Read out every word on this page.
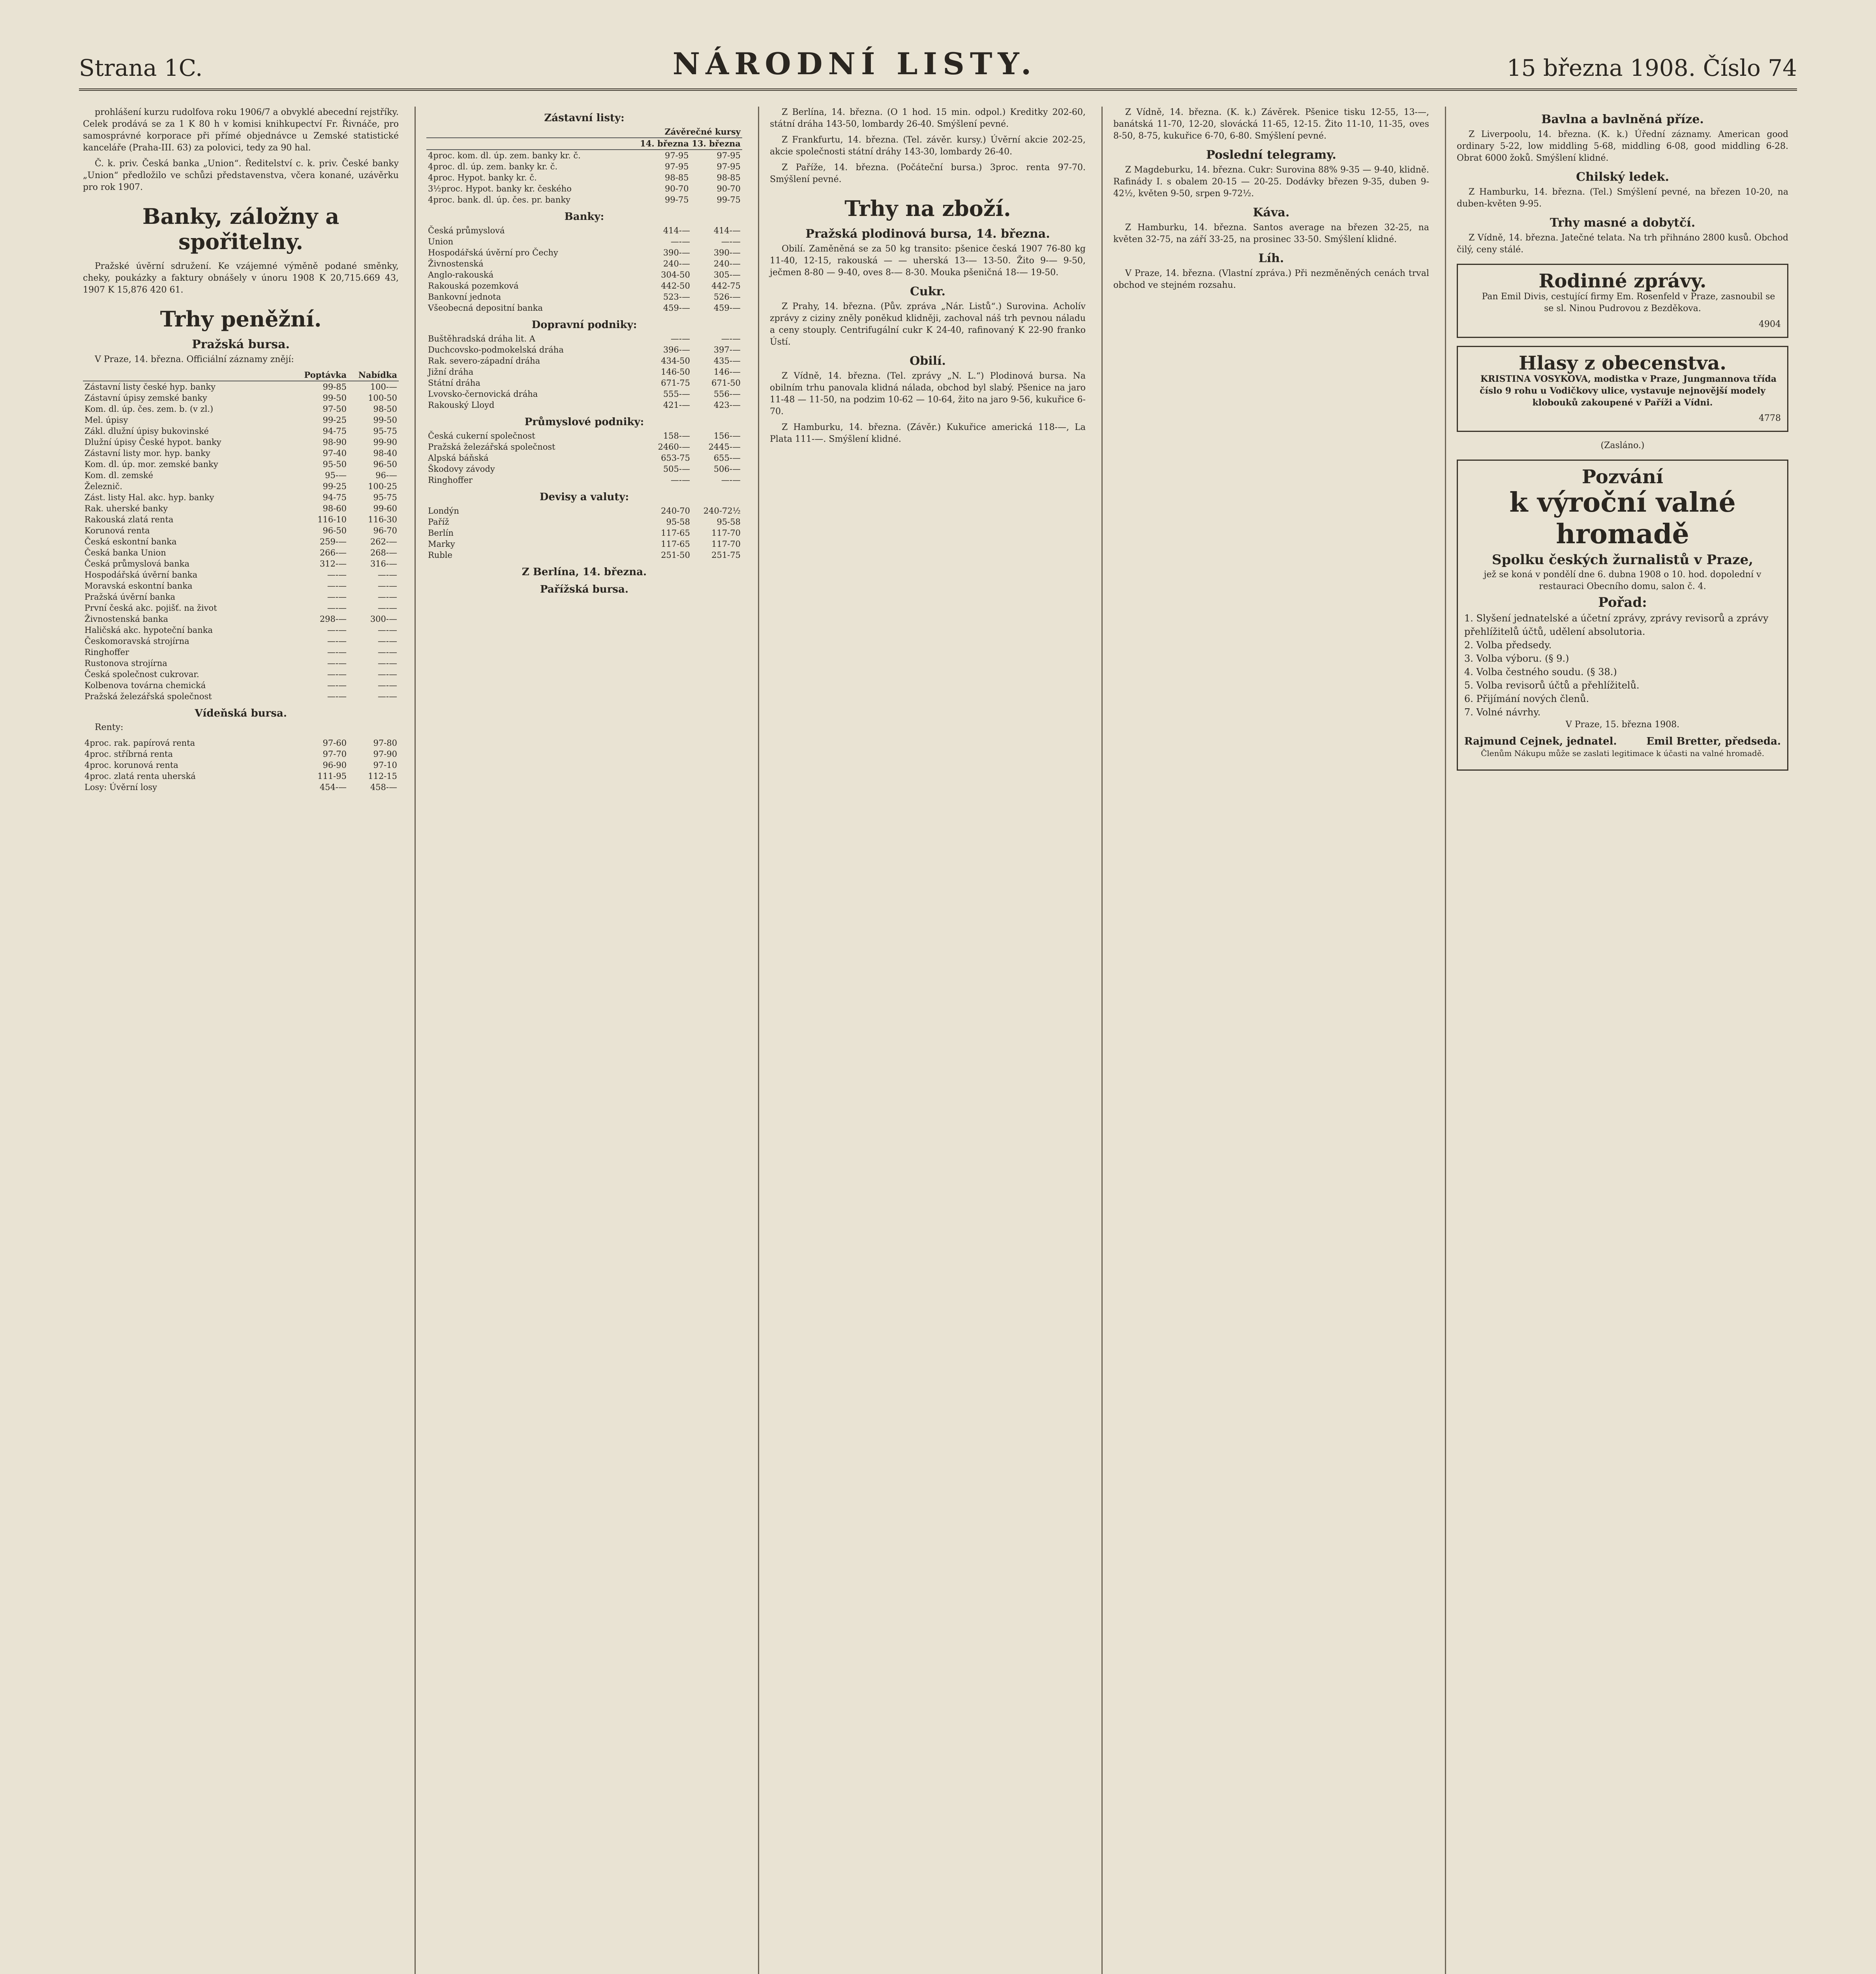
Strana 1C.	NÁRODNÍ LISTY.	15 března 1908. Číslo 74

prohlášení kurzu rudolfova roku 1906/7 a obvyklé abecední rejstříky. Celek prodává se za 1 K 80 h v komisi knihkupectví Fr. Řivnáče, pro samosprávné korporace při přímé objednávce u Zemské statistické kanceláře (Praha-III. 63) za polovici, tedy za 90 hal.

Č. k. priv. Česká banka „Union“. Ředitelství c. k. priv. České banky „Union“ předložilo ve schůzi představenstva, včera konané, uzávěrku pro rok 1907.

Banky, záložny a spořitelny.

Pražské úvěrní sdružení. Ke vzájemné výměně podané směnky, cheky, poukázky a faktury obnášely v únoru 1908 K 20,715.669 43, 1907 K 15,876 420 61.

Trhy peněžní.
Pražská bursa.

V Praze, 14. března. Officiální záznamy znějí:

	Poptávka	Nabídka
Zástavní listy české hyp. banky	99-85	100-—
Zástavní úpisy zemské banky	99-50	100-50
Kom. dl. úp. čes. zem. b. (v zl.)	97-50	98-50
Mel. úpisy	99-25	99-50
Zákl. dlužní úpisy bukovinské	94-75	95-75
Dlužní úpisy České hypot. banky	98-90	99-90
Zástavní listy mor. hyp. banky	97-40	98-40
Kom. dl. úp. mor. zemské banky	95-50	96-50
Kom. dl. zemské	95-—	96-—
Železnič.	99-25	100-25
Zást. listy Hal. akc. hyp. banky	94-75	95-75
Rak. uherské banky	98-60	99-60
Rakouská zlatá renta	116-10	116-30
Korunová renta	96-50	96-70
Česká eskontní banka	259-—	262-—
Česká banka Union	266-—	268-—
Česká průmyslová banka	312-—	316-—
Hospodářská úvěrní banka	—-—	—-—
Moravská eskontní banka	—-—	—-—
Pražská úvěrní banka	—-—	—-—
První česká akc. pojišť. na život	—-—	—-—
Živnostenská banka	298-—	300-—
Haličská akc. hypoteční banka	—-—	—-—
Českomoravská strojírna	—-—	—-—
Ringhoffer	—-—	—-—
Rustonova strojírna	—-—	—-—
Česká společnost cukrovar.	—-—	—-—
Kolbenova továrna chemická	—-—	—-—
Pražská železářská společnost	—-—	—-—
Vídeňská bursa.

Renty:

4proc. rak. papírová renta	97-60	97-80
4proc. stříbrná renta	97-70	97-90
4proc. korunová renta	96-90	97-10
4proc. zlatá renta uherská	111-95	112-15
Losy: Úvěrní losy	454-—	458-—
Zástavní listy:
	Závěrečné kursy	
	14. března 13. března	
4proc. kom. dl. úp. zem. banky kr. č.	97-95	97-95
4proc. dl. úp. zem. banky kr. č.	97-95	97-95
4proc. Hypot. banky kr. č.	98-85	98-85
3½proc. Hypot. banky kr. českého	90-70	90-70
4proc. bank. dl. úp. čes. pr. banky	99-75	99-75
Banky:
Česká průmyslová	414-—	414-—
Union	—-—	—-—
Hospodářská úvěrní pro Čechy	390-—	390-—
Živnostenská	240-—	240-—
Anglo-rakouská	304-50	305-—
Rakouská pozemková	442-50	442-75
Bankovní jednota	523-—	526-—
Všeobecná depositní banka	459-—	459-—
Dopravní podniky:
Buštěhradská dráha lit. A	—-—	—-—
Duchcovsko-podmokelská dráha	396-—	397-—
Rak. severo-západní dráha	434-50	435-—
Jižní dráha	146-50	146-—
Státní dráha	671-75	671-50
Lvovsko-černovická dráha	555-—	556-—
Rakouský Lloyd	421-—	423-—
Průmyslové podniky:
Česká cukerní společnost	158-—	156-—
Pražská železářská společnost	2460-—	2445-—
Alpská báňská	653-75	655-—
Škodovy závody	505-—	506-—
Ringhoffer	—-—	—-—
Devisy a valuty:
Londýn	240-70	240-72½
Paříž	95-58	95-58
Berlín	117-65	117-70
Marky	117-65	117-70
Ruble	251-50	251-75
Z Berlína, 14. března.
Pařížská bursa.

Z Berlína, 14. března. (O 1 hod. 15 min. odpol.) Kreditky 202-60, státní dráha 143-50, lombardy 26-40. Smýšlení pevné.

Z Frankfurtu, 14. března. (Tel. závěr. kursy.) Úvěrní akcie 202-25, akcie společnosti státní dráhy 143-30, lombardy 26-40.

Z Paříže, 14. března. (Počáteční bursa.) 3proc. renta 97-70. Smýšlení pevné.

Trhy na zboží.
Pražská plodinová bursa, 14. března.

Obilí. Zaměněná se za 50 kg transito: pšenice česká 1907 76-80 kg 11-40, 12-15, rakouská — — uherská 13-— 13-50. Žito 9-— 9-50, ječmen 8-80 — 9-40, oves 8-— 8-30. Mouka pšeničná 18-— 19-50.

Cukr.

Z Prahy, 14. března. (Pův. zpráva „Nár. Listů“.) Surovina. Acholív zprávy z ciziny zněly poněkud klidněji, zachoval náš trh pevnou náladu a ceny stouply. Centrifugální cukr K 24-40, rafinovaný K 22-90 franko Ústí.

Obilí.

Z Vídně, 14. března. (Tel. zprávy „N. L.“) Plodinová bursa. Na obilním trhu panovala klidná nálada, obchod byl slabý. Pšenice na jaro 11-48 — 11-50, na podzim 10-62 — 10-64, žito na jaro 9-56, kukuřice 6-70.

Z Hamburku, 14. března. (Závěr.) Kukuřice americká 118-—, La Plata 111-—. Smýšlení klidné.

Z Vídně, 14. března. (K. k.) Závěrek. Pšenice tisku 12-55, 13-—, banátská 11-70, 12-20, slovácká 11-65, 12-15. Žito 11-10, 11-35, oves 8-50, 8-75, kukuřice 6-70, 6-80. Smýšlení pevné.

Poslední telegramy.

Z Magdeburku, 14. března. Cukr: Surovina 88% 9-35 — 9-40, klidně. Rafinády I. s obalem 20-15 — 20-25. Dodávky březen 9-35, duben 9-42½, květen 9-50, srpen 9-72½.

Káva.

Z Hamburku, 14. března. Santos average na březen 32-25, na květen 32-75, na září 33-25, na prosinec 33-50. Smýšlení klidné.

Líh.

V Praze, 14. března. (Vlastní zpráva.) Při nezměněných cenách trval obchod ve stejném rozsahu.

Bavlna a bavlněná příze.

Z Liverpoolu, 14. března. (K. k.) Úřední záznamy. American good ordinary 5-22, low middling 5-68, middling 6-08, good middling 6-28. Obrat 6000 žoků. Smýšlení klidné.

Chilský ledek.

Z Hamburku, 14. března. (Tel.) Smýšlení pevné, na březen 10-20, na duben-květen 9-95.

Trhy masné a dobytčí.

Z Vídně, 14. března. Jatečné telata. Na trh přihnáno 2800 kusů. Obchod čilý, ceny stálé.

Rodinné zprávy.

Pan Emil Divis, cestující firmy Em. Rosenfeld v Praze, zasnoubil se se sl. Ninou Pudrovou z Bezděkova.

4904
Hlasy z obecenstva.

KRISTINA VOSYKOVA, modistka v Praze, Jungmannova třída číslo 9 rohu u Vodičkovy ulice, vystavuje nejnovější modely klobouků zakoupené v Paříži a Vídni.

4778
(Zasláno.)
Pozvání
k výroční valné hromadě
Spolku českých žurnalistů v Praze,

jež se koná v pondělí dne 6. dubna 1908 o 10. hod. dopolední v restauraci Obecního domu, salon č. 4.

Pořad:
1. Slyšení jednatelské a účetní zprávy, zprávy revisorů a zprávy přehlížitelů účtů, udělení absolutoria.
2. Volba předsedy.
3. Volba výboru. (§ 9.)
4. Volba čestného soudu. (§ 38.)
5. Volba revisorů účtů a přehlížitelů.
6. Přijímání nových členů.
7. Volné návrhy.

V Praze, 15. března 1908.

Rajmund Cejnek, jednatel.	Emil Bretter, předseda.

Členům Nákupu může se zaslati legitimace k účasti na valné hromadě.
